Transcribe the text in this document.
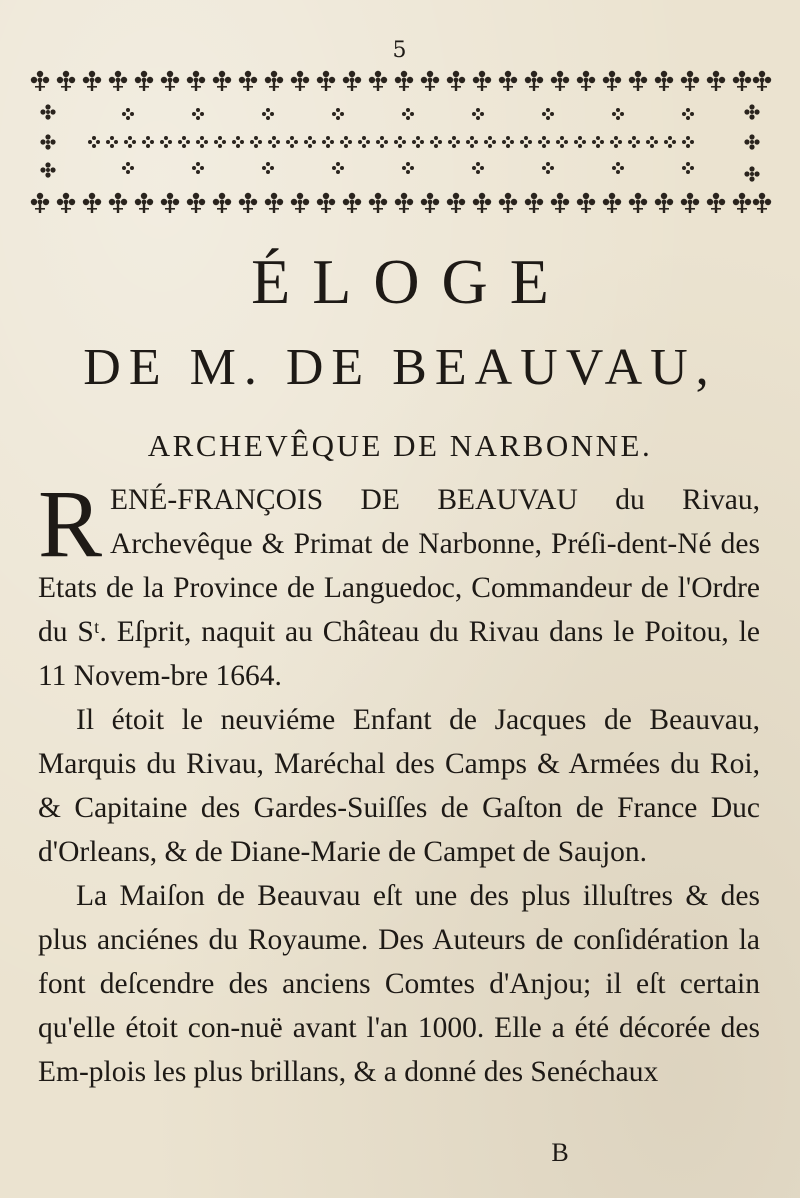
5
ÉLOGE
DE M. DE BEAUVAU,
ARCHEVÊQUE DE NARBONNE.

RENÉ-FRANÇOIS DE BEAUVAU du Rivau, Archevêque & Primat de Narbonne, Préſi-dent-Né des Etats de la Province de Languedoc, Commandeur de l'Ordre du Sᵗ. Eſprit, naquit au Château du Rivau dans le Poitou, le 11 Novem-bre 1664.

Il étoit le neuviéme Enfant de Jacques de Beauvau, Marquis du Rivau, Maréchal des Camps & Armées du Roi, & Capitaine des Gardes-Suiſſes de Gaſton de France Duc d'Orleans, & de Diane-Marie de Campet de Saujon.

La Maiſon de Beauvau eſt une des plus illuſtres & des plus anciénes du Royaume. Des Auteurs de conſidération la font deſcendre des anciens Comtes d'Anjou; il eſt certain qu'elle étoit con-nuë avant l'an 1000. Elle a été décorée des Em-plois les plus brillans, & a donné des Senéchaux

B
